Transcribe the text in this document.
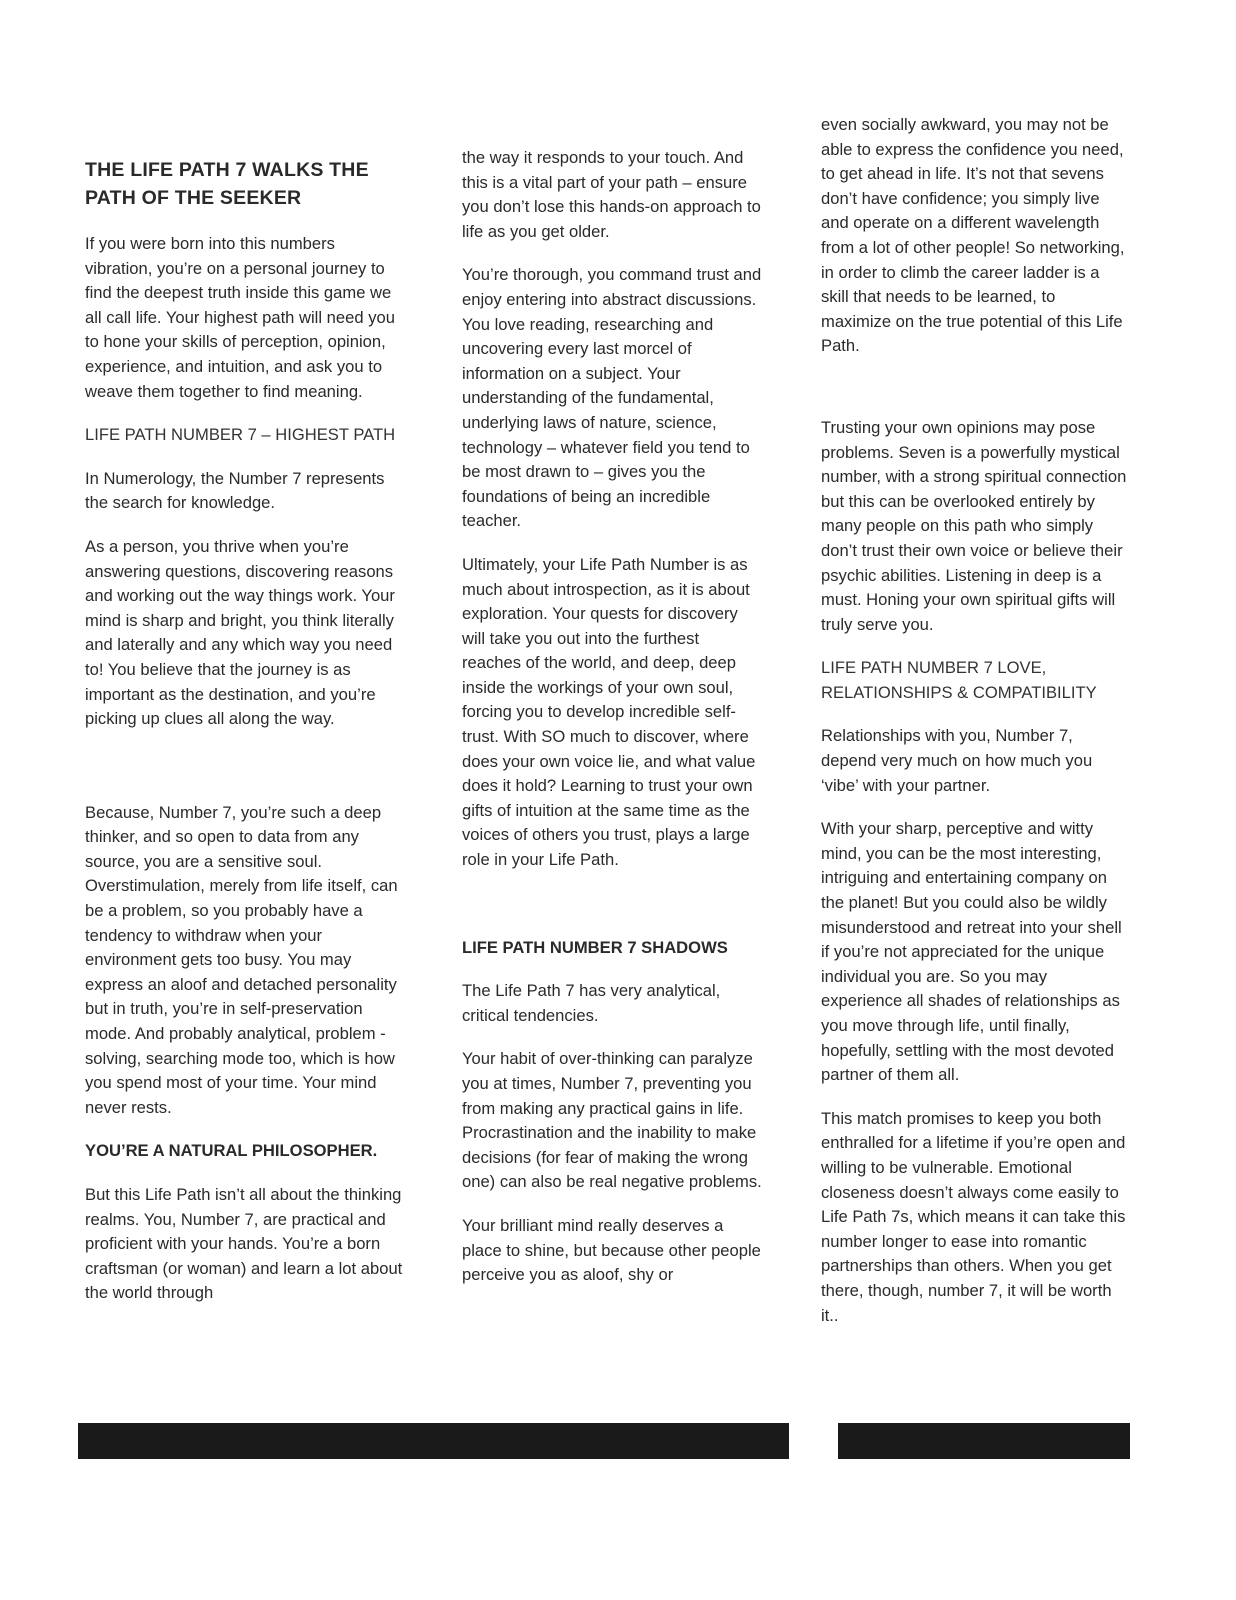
THE LIFE PATH 7 WALKS THE PATH OF THE SEEKER

If you were born into this numbers vibration, you’re on a personal journey to find the deepest truth inside this game we all call life. Your highest path will need you to hone your skills of perception, opinion, experience, and intuition, and ask you to weave them together to find meaning.

LIFE PATH NUMBER 7 – HIGHEST PATH

In Numerology, the Number 7 represents the search for knowledge.

As a person, you thrive when you’re answering questions, discovering reasons and working out the way things work. Your mind is sharp and bright, you think literally and laterally and any which way you need to! You believe that the journey is as important as the destination, and you’re picking up clues all along the way.

Because, Number 7, you’re such a deep thinker, and so open to data from any source, you are a sensitive soul. Overstimulation, merely from life itself, can be a problem, so you probably have a tendency to withdraw when your environment gets too busy. You may express an aloof and detached personality but in truth, you’re in self-preservation mode. And probably analytical, problem -solving, searching mode too, which is how you spend most of your time. Your mind never rests.

YOU’RE A NATURAL PHILOSOPHER.

But this Life Path isn’t all about the thinking realms. You, Number 7, are practical and proficient with your hands. You’re a born craftsman (or woman) and learn a lot about the world through

the way it responds to your touch. And this is a vital part of your path – ensure you don’t lose this hands-on approach to life as you get older.

You’re thorough, you command trust and enjoy entering into abstract discussions. You love reading, researching and uncovering every last morcel of information on a subject. Your understanding of the fundamental, underlying laws of nature, science, technology – whatever field you tend to be most drawn to – gives you the foundations of being an incredible teacher.

Ultimately, your Life Path Number is as much about introspection, as it is about exploration. Your quests for discovery will take you out into the furthest reaches of the world, and deep, deep inside the workings of your own soul, forcing you to develop incredible self-trust. With SO much to discover, where does your own voice lie, and what value does it hold? Learning to trust your own gifts of intuition at the same time as the voices of others you trust, plays a large role in your Life Path.

LIFE PATH NUMBER 7 SHADOWS

The Life Path 7 has very analytical, critical tendencies.

Your habit of over-thinking can paralyze you at times, Number 7, preventing you from making any practical gains in life. Procrastination and the inability to make decisions (for fear of making the wrong one) can also be real negative problems.

Your brilliant mind really deserves a place to shine, but because other people perceive you as aloof, shy or

even socially awkward, you may not be able to express the confidence you need, to get ahead in life. It’s not that sevens don’t have confidence; you simply live and operate on a different wavelength from a lot of other people! So networking, in order to climb the career ladder is a skill that needs to be learned, to maximize on the true potential of this Life Path.

Trusting your own opinions may pose problems. Seven is a powerfully mystical number, with a strong spiritual connection but this can be overlooked entirely by many people on this path who simply don’t trust their own voice or believe their psychic abilities. Listening in deep is a must. Honing your own spiritual gifts will truly serve you.

LIFE PATH NUMBER 7 LOVE, RELATIONSHIPS & COMPATIBILITY

Relationships with you, Number 7, depend very much on how much you ‘vibe’ with your partner.

With your sharp, perceptive and witty mind, you can be the most interesting, intriguing and entertaining company on the planet! But you could also be wildly misunderstood and retreat into your shell if you’re not appreciated for the unique individual you are. So you may experience all shades of relationships as you move through life, until finally, hopefully, settling with the most devoted partner of them all.

This match promises to keep you both enthralled for a lifetime if you’re open and willing to be vulnerable. Emotional closeness doesn’t always come easily to Life Path 7s, which means it can take this number longer to ease into romantic partnerships than others. When you get there, though, number 7, it will be worth it..
